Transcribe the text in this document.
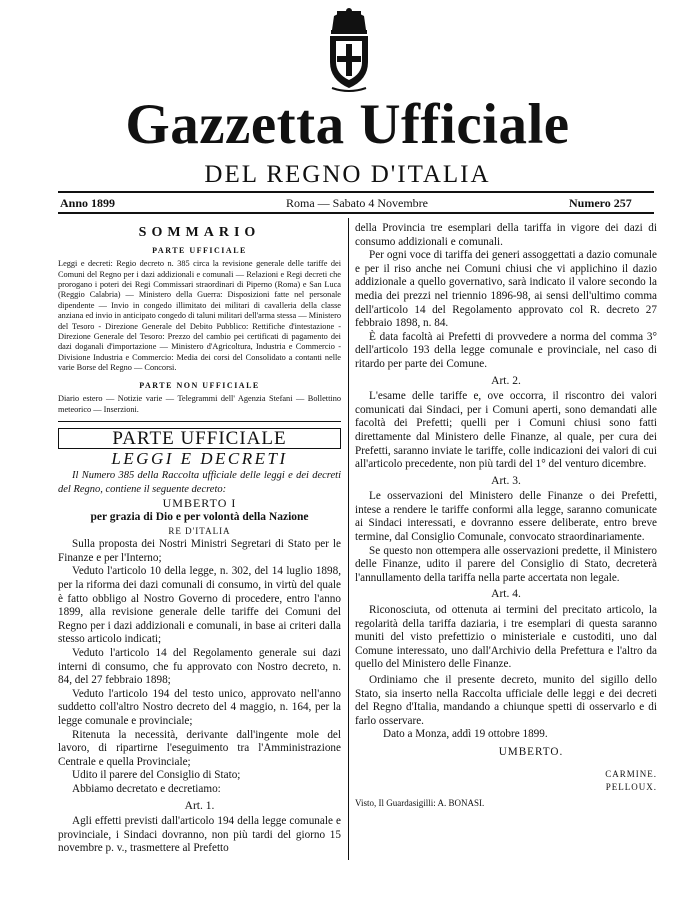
Gazzetta Ufficiale
DEL REGNO D'ITALIA
Anno 1899	Roma — Sabato 4 Novembre	Numero 257
SOMMARIO
PARTE UFFICIALE

Leggi e decreti: Regio decreto n. 385 circa la revisione generale delle tariffe dei Comuni del Regno per i dazi addizionali e comunali — Relazioni e Regi decreti che prorogano i poteri dei Regi Commissari straordinari di Piperno (Roma) e San Luca (Reggio Calabria) — Ministero della Guerra: Disposizioni fatte nel personale dipendente — Invio in congedo illimitato dei militari di cavalleria della classe anziana ed invio in anticipato congedo di taluni militari dell'arma stessa — Ministero del Tesoro - Direzione Generale del Debito Pubblico: Rettifiche d'intestazione - Direzione Generale del Tesoro: Prezzo del cambio pei certificati di pagamento dei dazi doganali d'importazione — Ministero d'Agricoltura, Industria e Commercio - Divisione Industria e Commercio: Media dei corsi del Consolidato a contanti nelle varie Borse del Regno — Concorsi.

PARTE NON UFFICIALE

Diario estero — Notizie varie — Telegrammi dell' Agenzia Stefani — Bollettino meteorico — Inserzioni.

PARTE UFFICIALE
LEGGI E DECRETI

Il Numero 385 della Raccolta ufficiale delle leggi e dei decreti del Regno, contiene il seguente decreto:

UMBERTO I
per grazia di Dio e per volontà della Nazione
RE D'ITALIA

Sulla proposta dei Nostri Ministri Segretari di Stato per le Finanze e per l'Interno;

Veduto l'articolo 10 della legge, n. 302, del 14 luglio 1898, per la riforma dei dazi comunali di consumo, in virtù del quale è fatto obbligo al Nostro Governo di procedere, entro l'anno 1899, alla revisione generale delle tariffe dei Comuni del Regno per i dazi addizionali e comunali, in base ai criteri dalla stesso articolo indicati;

Veduto l'articolo 14 del Regolamento generale sui dazi interni di consumo, che fu approvato con Nostro decreto, n. 84, del 27 febbraio 1898;

Veduto l'articolo 194 del testo unico, approvato nell'anno suddetto coll'altro Nostro decreto del 4 maggio, n. 164, per la legge comunale e provinciale;

Ritenuta la necessità, derivante dall'ingente mole del lavoro, di ripartirne l'eseguimento tra l'Amministrazione Centrale e quella Provinciale;

Udito il parere del Consiglio di Stato;

Abbiamo decretato e decretiamo:

Art. 1.

Agli effetti previsti dall'articolo 194 della legge comunale e provinciale, i Sindaci dovranno, non più tardi del giorno 15 novembre p. v., trasmettere al Prefetto

della Provincia tre esemplari della tariffa in vigore dei dazi di consumo addizionali e comunali.

Per ogni voce di tariffa dei generi assoggettati a dazio comunale e per il riso anche nei Comuni chiusi che vi applichino il dazio addizionale a quello governativo, sarà indicato il valore secondo la media dei prezzi nel triennio 1896-98, ai sensi dell'ultimo comma dell'articolo 14 del Regolamento approvato col R. decreto 27 febbraio 1898, n. 84.

È data facoltà ai Prefetti di provvedere a norma del comma 3° dell'articolo 193 della legge comunale e provinciale, nel caso di ritardo per parte dei Comune.

Art. 2.

L'esame delle tariffe e, ove occorra, il riscontro dei valori comunicati dai Sindaci, per i Comuni aperti, sono demandati alle facoltà dei Prefetti; quelli per i Comuni chiusi sono fatti direttamente dal Ministero delle Finanze, al quale, per cura dei Prefetti, saranno inviate le tariffe, colle indicazioni dei valori di cui all'articolo precedente, non più tardi del 1° del venturo dicembre.

Art. 3.

Le osservazioni del Ministero delle Finanze o dei Prefetti, intese a rendere le tariffe conformi alla legge, saranno comunicate ai Sindaci interessati, e dovranno essere deliberate, entro breve termine, dal Consiglio Comunale, convocato straordinariamente.

Se questo non ottempera alle osservazioni predette, il Ministero delle Finanze, udito il parere del Consiglio di Stato, decreterà l'annullamento della tariffa nella parte accertata non legale.

Art. 4.

Riconosciuta, od ottenuta ai termini del precitato articolo, la regolarità della tariffa daziaria, i tre esemplari di questa saranno muniti del visto prefettizio o ministeriale e custoditi, uno dal Comune interessato, uno dall'Archivio della Prefettura e l'altro da quello del Ministero delle Finanze.

Ordiniamo che il presente decreto, munito del sigillo dello Stato, sia inserto nella Raccolta ufficiale delle leggi e dei decreti del Regno d'Italia, mandando a chiunque spetti di osservarlo e di farlo osservare.

Dato a Monza, addì 19 ottobre 1899.

UMBERTO.
CARMINE.
PELLOUX.
Visto, Il Guardasigilli: A. BONASI.
